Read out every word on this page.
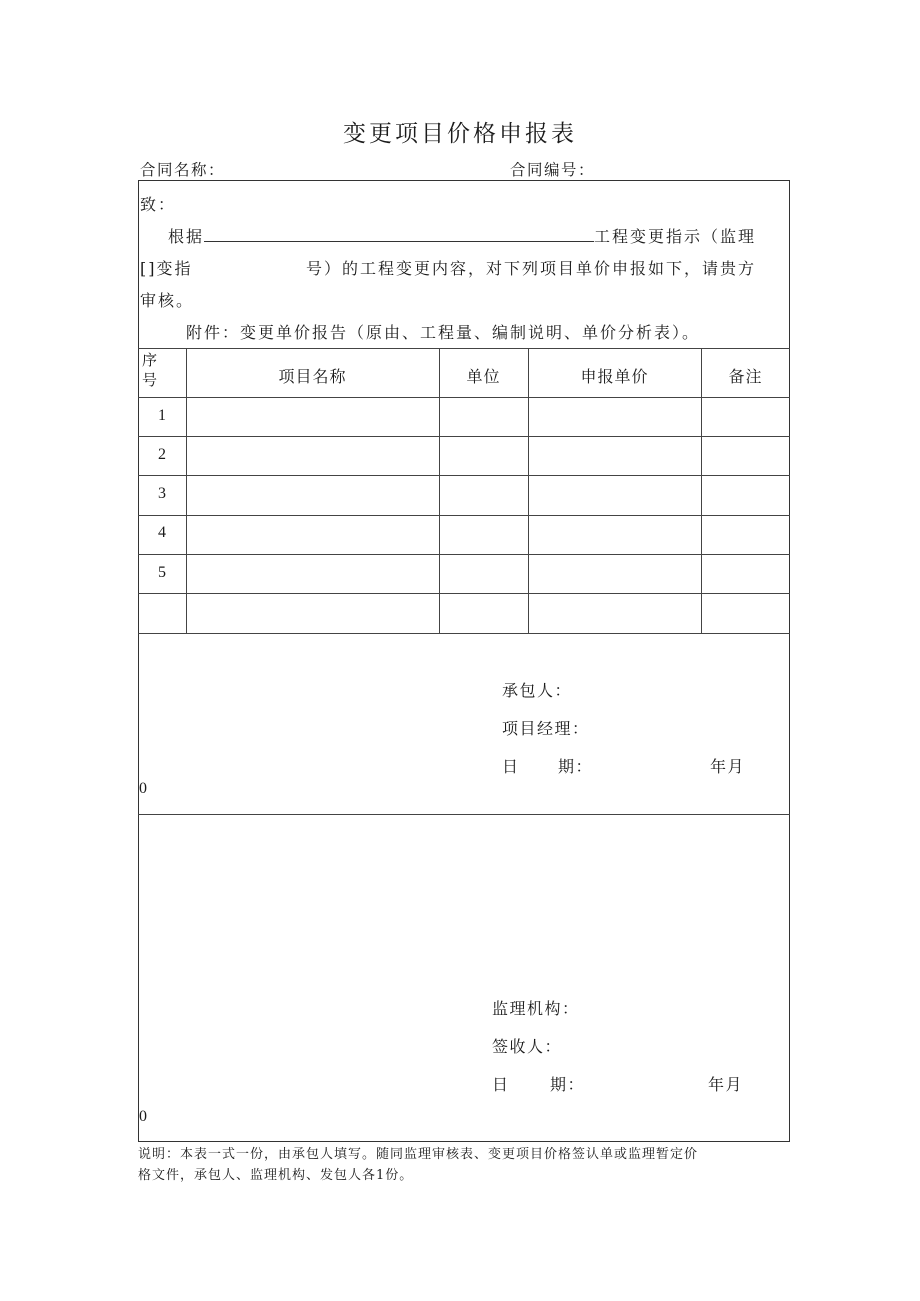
变更项目价格申报表
合同名称：	合同编号：
致：
根据	工程变更指示（监理
[]变指	号）的工程变更内容，对下列项目单价申报如下，请贵方
审核。
附件：变更单价报告（原由、工程量、编制说明、单价分析表）。
序号	项目名称	单位	申报单价	备注
1
2
3
4
5
承包人：
项目经理：
日 期：	年月
0
监理机构：
签收人：
日	期：	年月
0
说明：本表一式一份，由承包人填写。随同监理审核表、变更项目价格签认单或监理暂定价
格文件，承包人、监理机构、发包人各1份。
